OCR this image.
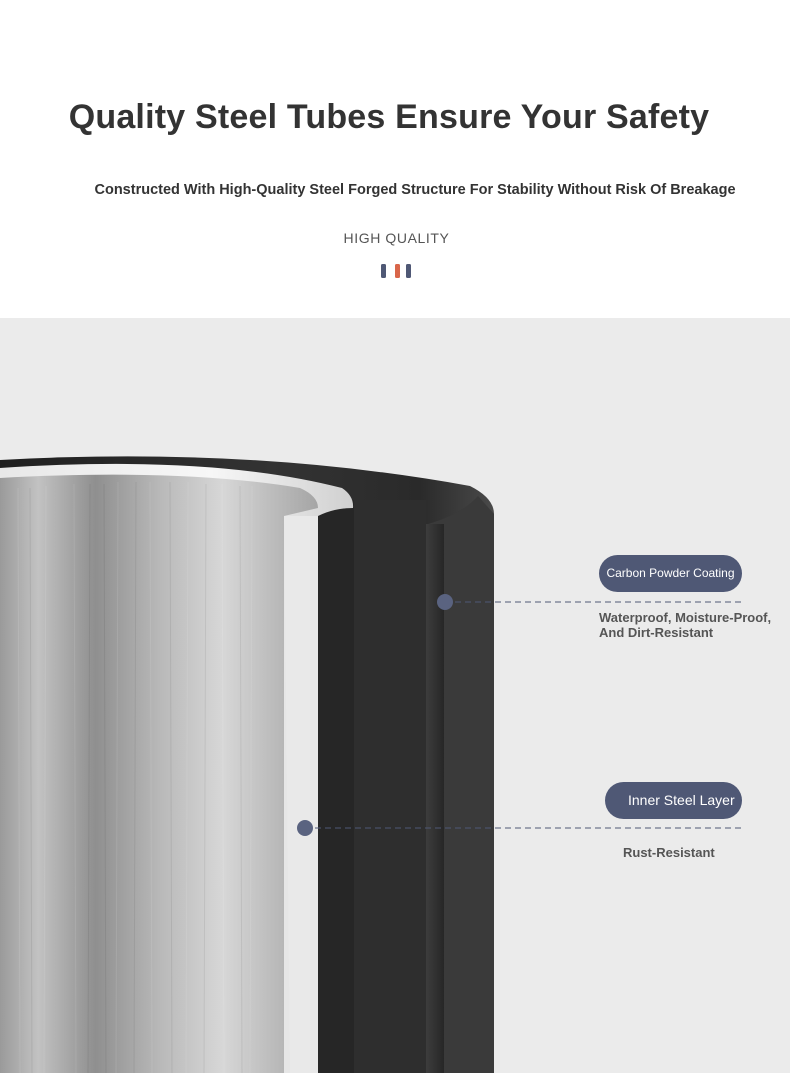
Quality Steel Tubes Ensure Your Safety

Constructed With High-Quality Steel Forged Structure For Stability Without Risk Of Breakage

HIGH QUALITY
Carbon Powder Coating
Waterproof, Moisture-Proof, And Dirt-Resistant
Inner Steel Layer
Rust-Resistant
